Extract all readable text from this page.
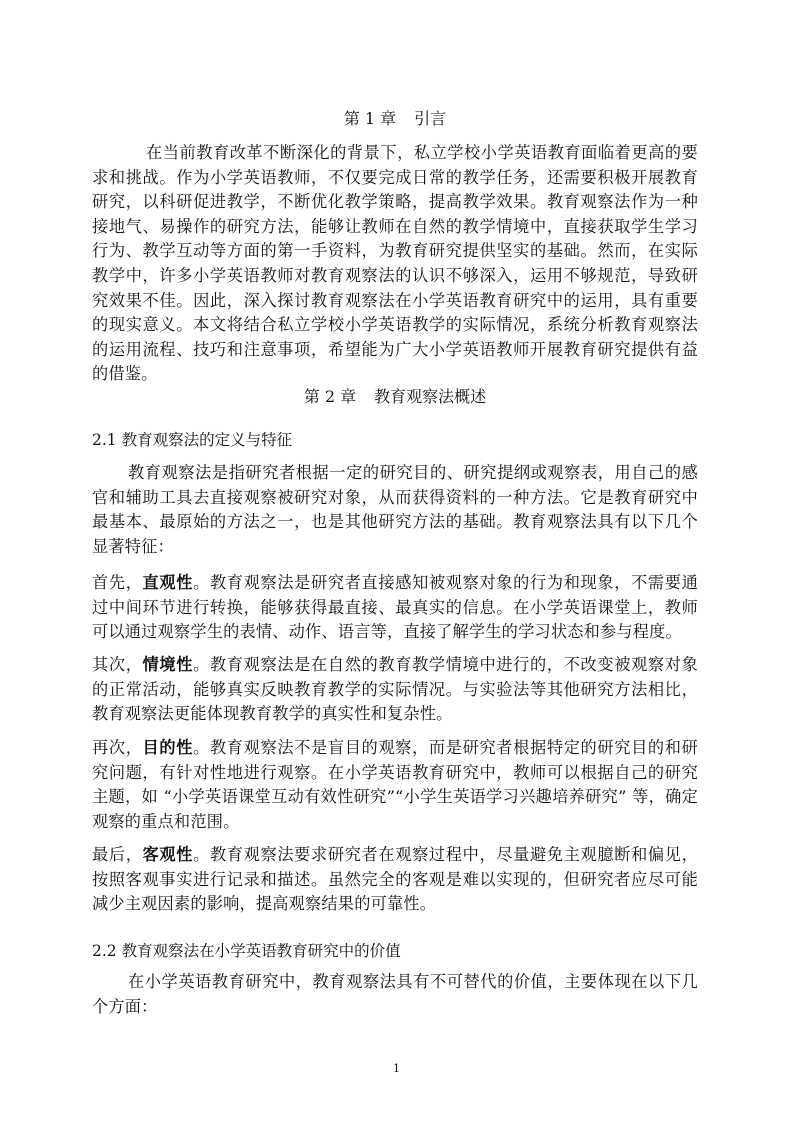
第 1 章 引言
在当前教育改革不断深化的背景下，私立学校小学英语教育面临着更高的要求和挑战。作为小学英语教师，不仅要完成日常的教学任务，还需要积极开展教育研究，以科研促进教学，不断优化教学策略，提高教学效果。教育观察法作为一种接地气、易操作的研究方法，能够让教师在自然的教学情境中，直接获取学生学习行为、教学互动等方面的第一手资料，为教育研究提供坚实的基础。然而，在实际教学中，许多小学英语教师对教育观察法的认识不够深入，运用不够规范，导致研究效果不佳。因此，深入探讨教育观察法在小学英语教育研究中的运用，具有重要的现实意义。本文将结合私立学校小学英语教学的实际情况，系统分析教育观察法的运用流程、技巧和注意事项，希望能为广大小学英语教师开展教育研究提供有益的借鉴。
第 2 章 教育观察法概述
2.1 教育观察法的定义与特征
教育观察法是指研究者根据一定的研究目的、研究提纲或观察表，用自己的感官和辅助工具去直接观察被研究对象，从而获得资料的一种方法。它是教育研究中最基本、最原始的方法之一，也是其他研究方法的基础。教育观察法具有以下几个显著特征：
首先，直观性。教育观察法是研究者直接感知被观察对象的行为和现象，不需要通过中间环节进行转换，能够获得最直接、最真实的信息。在小学英语课堂上，教师可以通过观察学生的表情、动作、语言等，直接了解学生的学习状态和参与程度。
其次，情境性。教育观察法是在自然的教育教学情境中进行的，不改变被观察对象的正常活动，能够真实反映教育教学的实际情况。与实验法等其他研究方法相比，教育观察法更能体现教育教学的真实性和复杂性。
再次，目的性。教育观察法不是盲目的观察，而是研究者根据特定的研究目的和研究问题，有针对性地进行观察。在小学英语教育研究中，教师可以根据自己的研究主题，如 “小学英语课堂互动有效性研究”“小学生英语学习兴趣培养研究” 等，确定观察的重点和范围。
最后，客观性。教育观察法要求研究者在观察过程中，尽量避免主观臆断和偏见，按照客观事实进行记录和描述。虽然完全的客观是难以实现的，但研究者应尽可能减少主观因素的影响，提高观察结果的可靠性。
2.2 教育观察法在小学英语教育研究中的价值
在小学英语教育研究中，教育观察法具有不可替代的价值，主要体现在以下几个方面：
1
